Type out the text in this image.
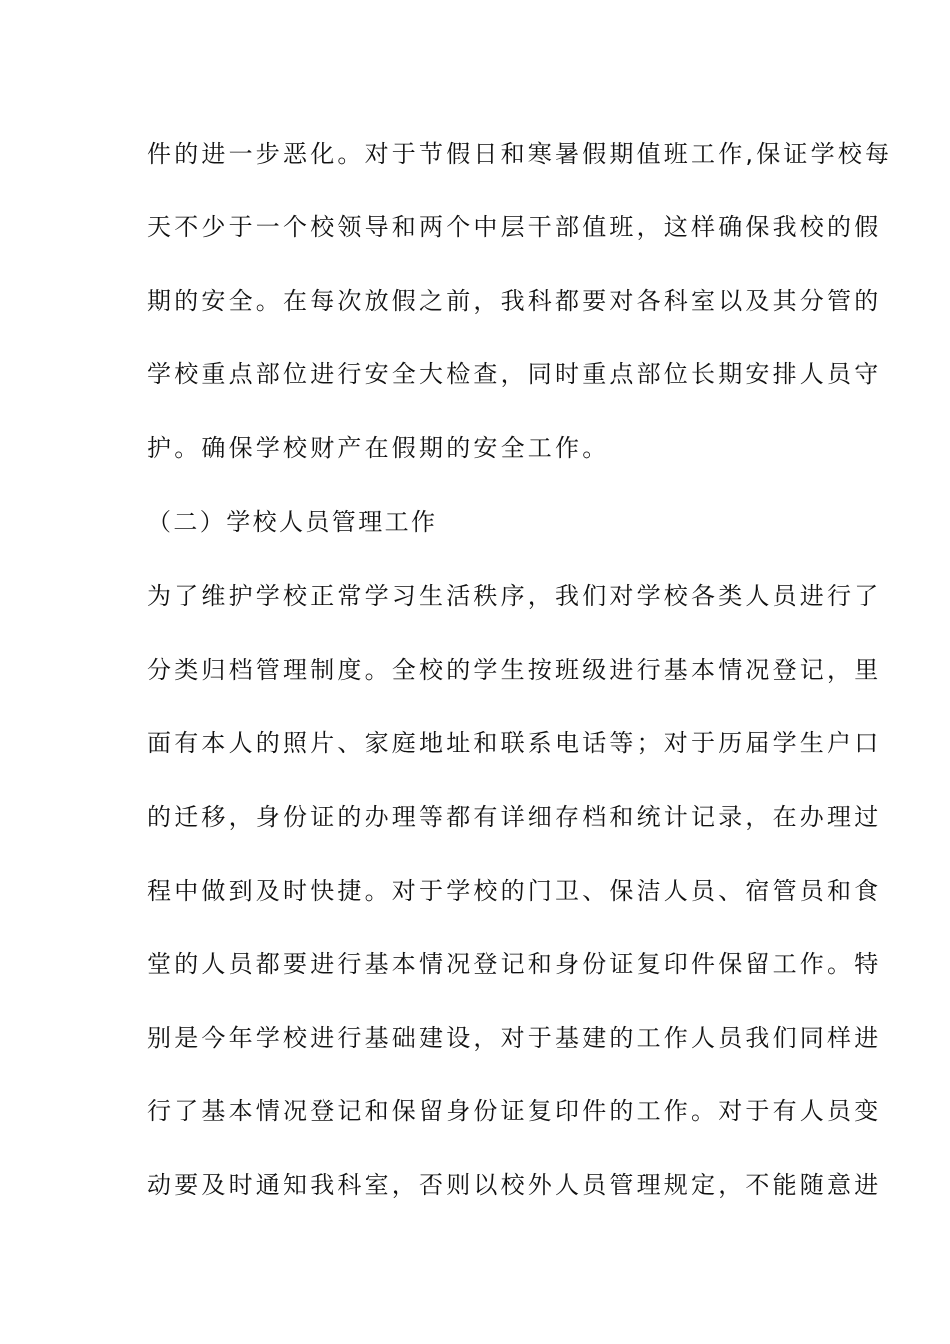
件的进一步恶化。对于节假日和寒暑假期值班工作,保证学校每
天不少于一个校领导和两个中层干部值班，这样确保我校的假
期的安全。在每次放假之前，我科都要对各科室以及其分管的
学校重点部位进行安全大检查，同时重点部位长期安排人员守
护。确保学校财产在假期的安全工作。
（二）学校人员管理工作
为了维护学校正常学习生活秩序，我们对学校各类人员进行了
分类归档管理制度。全校的学生按班级进行基本情况登记，里
面有本人的照片、家庭地址和联系电话等；对于历届学生户口
的迁移，身份证的办理等都有详细存档和统计记录，在办理过
程中做到及时快捷。对于学校的门卫、保洁人员、宿管员和食
堂的人员都要进行基本情况登记和身份证复印件保留工作。特
别是今年学校进行基础建设，对于基建的工作人员我们同样进
行了基本情况登记和保留身份证复印件的工作。对于有人员变
动要及时通知我科室，否则以校外人员管理规定，不能随意进
